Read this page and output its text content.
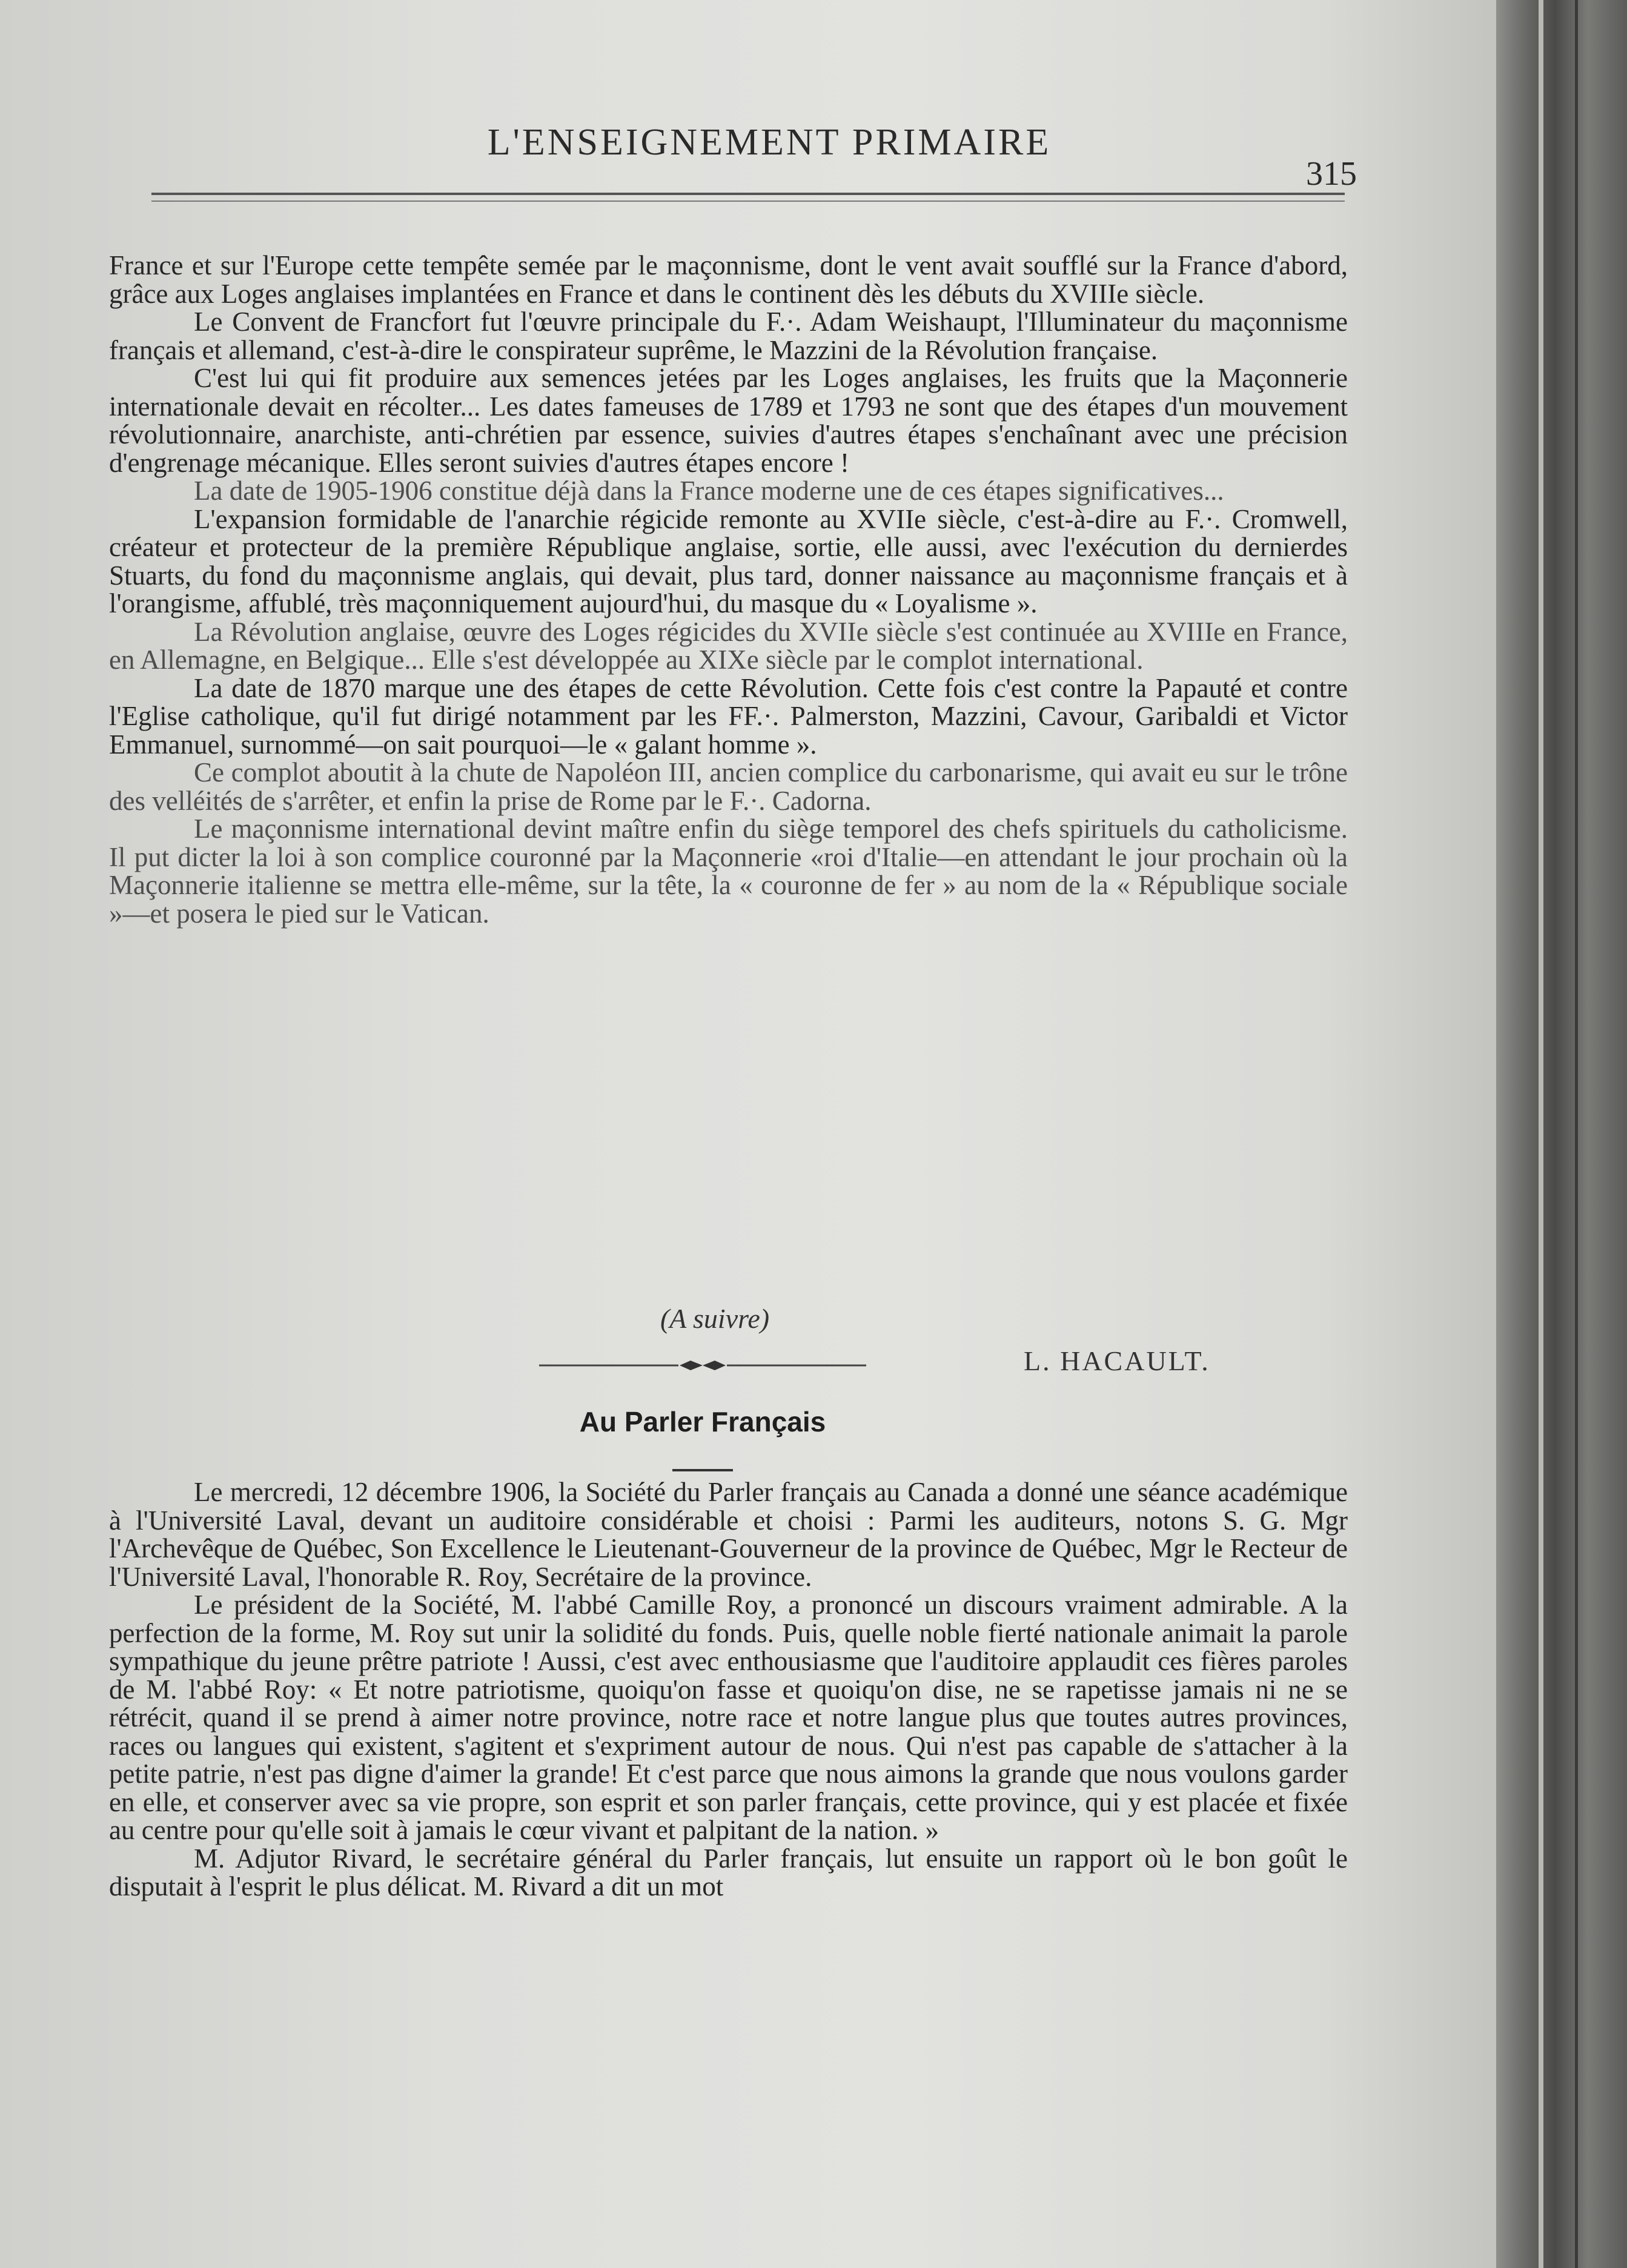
L'ENSEIGNEMENT PRIMAIRE
315

France et sur l'Europe cette tempête semée par le maçonnisme, dont le vent avait soufflé sur la France d'abord, grâce aux Loges anglaises implantées en France et dans le continent dès les débuts du XVIIIe siècle.

Le Convent de Francfort fut l'œuvre principale du F.·. Adam Weishaupt, l'Illuminateur du maçonnisme français et allemand, c'est-à-dire le conspirateur suprême, le Mazzini de la Révolution française.

C'est lui qui fit produire aux semences jetées par les Loges anglaises, les fruits que la Maçonnerie internationale devait en récolter... Les dates fameuses de 1789 et 1793 ne sont que des étapes d'un mouvement révolutionnaire, anarchiste, anti-chrétien par essence, suivies d'autres étapes s'enchaînant avec une précision d'engrenage mécanique. Elles seront suivies d'autres étapes encore !

La date de 1905-1906 constitue déjà dans la France moderne une de ces étapes significatives...

L'expansion formidable de l'anarchie régicide remonte au XVIIe siècle, c'est-à-dire au F.·. Cromwell, créateur et protecteur de la première République anglaise, sortie, elle aussi, avec l'exécution du dernierdes Stuarts, du fond du maçonnisme anglais, qui devait, plus tard, donner naissance au maçonnisme français et à l'orangisme, affublé, très maçonniquement aujourd'hui, du masque du « Loyalisme ».

La Révolution anglaise, œuvre des Loges régicides du XVIIe siècle s'est continuée au XVIIIe en France, en Allemagne, en Belgique... Elle s'est développée au XIXe siècle par le complot international.

La date de 1870 marque une des étapes de cette Révolution. Cette fois c'est contre la Papauté et contre l'Eglise catholique, qu'il fut dirigé notamment par les FF.·. Palmerston, Mazzini, Cavour, Garibaldi et Victor Emmanuel, surnommé—on sait pourquoi—le « galant homme ».

Ce complot aboutit à la chute de Napoléon III, ancien complice du carbonarisme, qui avait eu sur le trône des velléités de s'arrêter, et enfin la prise de Rome par le F.·. Cadorna.

Le maçonnisme international devint maître enfin du siège temporel des chefs spirituels du catholicisme. Il put dicter la loi à son complice couronné par la Maçonnerie «roi d'Italie—en attendant le jour prochain où la Maçonnerie italienne se mettra elle-même, sur la tête, la « couronne de fer » au nom de la « République sociale »—et posera le pied sur le Vatican.

(A suivre)
L. HACAULT.
Au Parler Français

Le mercredi, 12 décembre 1906, la Société du Parler français au Canada a donné une séance académique à l'Université Laval, devant un auditoire considérable et choisi : Parmi les auditeurs, notons S. G. Mgr l'Archevêque de Québec, Son Excellence le Lieutenant-Gouverneur de la province de Québec, Mgr le Recteur de l'Université Laval, l'honorable R. Roy, Secrétaire de la province.

Le président de la Société, M. l'abbé Camille Roy, a prononcé un discours vraiment admirable. A la perfection de la forme, M. Roy sut unir la solidité du fonds. Puis, quelle noble fierté nationale animait la parole sympathique du jeune prêtre patriote ! Aussi, c'est avec enthousiasme que l'auditoire applaudit ces fières paroles de M. l'abbé Roy: « Et notre patriotisme, quoiqu'on fasse et quoiqu'on dise, ne se rapetisse jamais ni ne se rétrécit, quand il se prend à aimer notre province, notre race et notre langue plus que toutes autres provinces, races ou langues qui existent, s'agitent et s'expriment autour de nous. Qui n'est pas capable de s'attacher à la petite patrie, n'est pas digne d'aimer la grande! Et c'est parce que nous aimons la grande que nous voulons garder en elle, et conserver avec sa vie propre, son esprit et son parler français, cette province, qui y est placée et fixée au centre pour qu'elle soit à jamais le cœur vivant et palpitant de la nation. »

M. Adjutor Rivard, le secrétaire général du Parler français, lut ensuite un rapport où le bon goût le disputait à l'esprit le plus délicat. M. Rivard a dit un mot
